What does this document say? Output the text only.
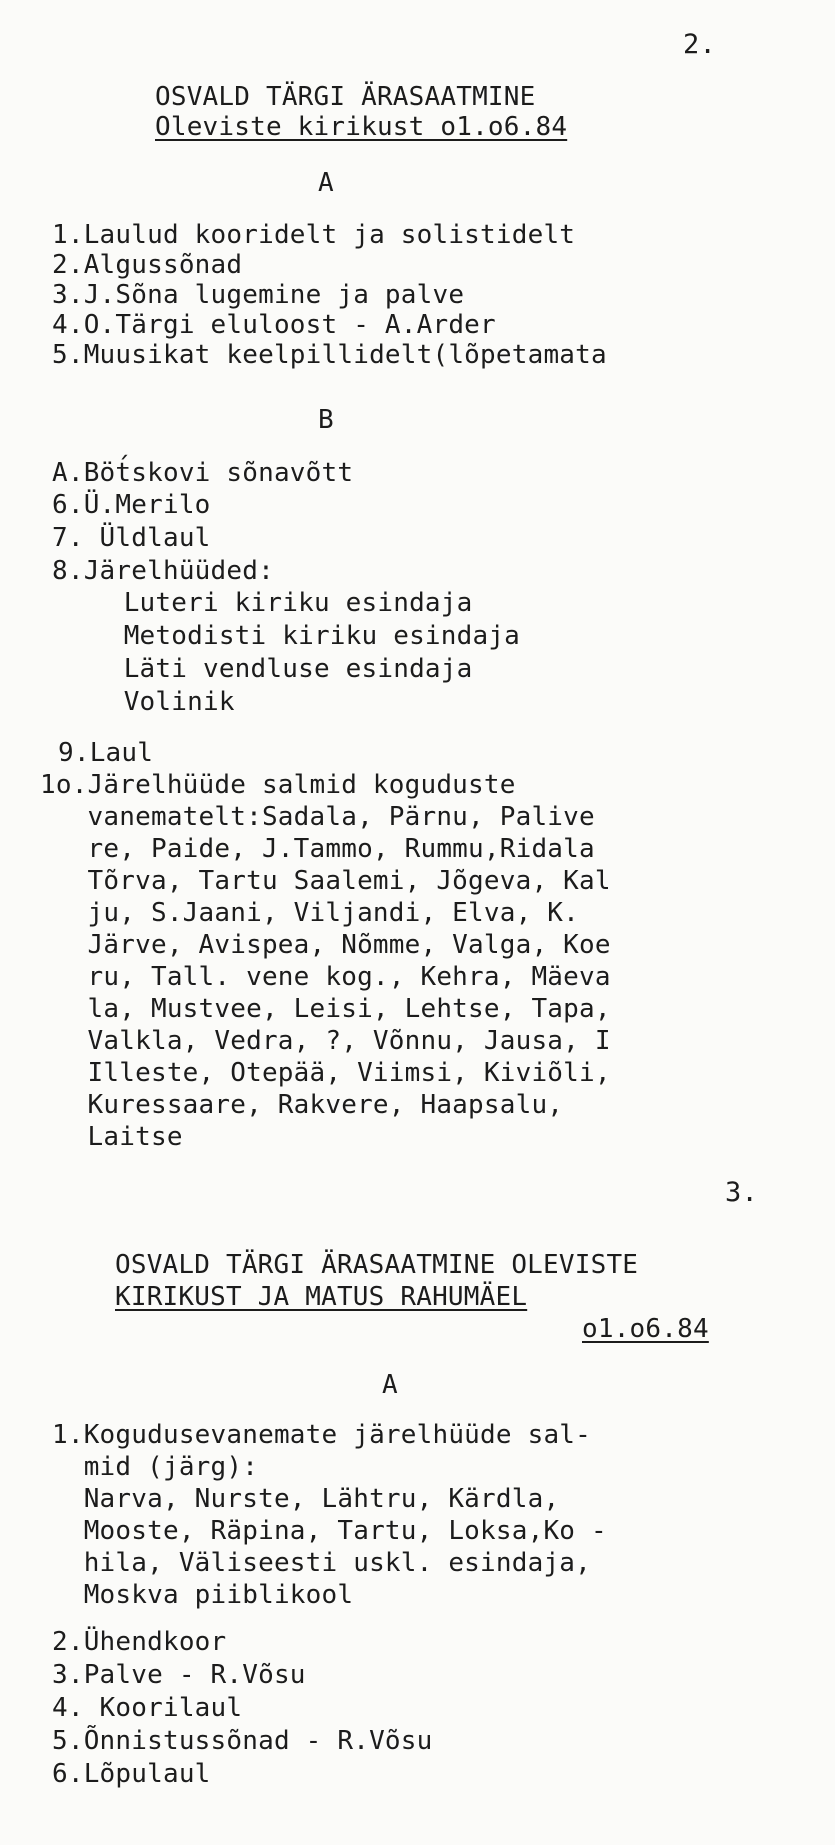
2.
OSVALD TÄRGI ÄRASAATMINE
Oleviste kirikust o1.o6.84
A
1.Laulud kooridelt ja solistidelt
2.Algussõnad
3.J.Sõna lugemine ja palve
4.O.Tärgi eluloost - A.Arder
5.Muusikat keelpillidelt(lõpetamata
B
A.Böt́skovi sõnavõtt
6.Ü.Merilo
7. Üldlaul
8.Järelhüüded:
Luteri kiriku esindaja
Metodisti kiriku esindaja
Läti vendluse esindaja
Volinik
9.Laul
1o.Järelhüüde salmid koguduste
vanematelt:Sadala, Pärnu, Palive
re, Paide, J.Tammo, Rummu,Ridala
Tõrva, Tartu Saalemi, Jõgeva, Kal
ju, S.Jaani, Viljandi, Elva, K.
Järve, Avispea, Nõmme, Valga, Koe
ru, Tall. vene kog., Kehra, Mäeva
la, Mustvee, Leisi, Lehtse, Tapa,
Valkla, Vedra, ?, Võnnu, Jausa, I
Illeste, Otepää, Viimsi, Kiviõli,
Kuressaare, Rakvere, Haapsalu,
Laitse
3.
OSVALD TÄRGI ÄRASAATMINE OLEVISTE
KIRIKUST JA MATUS RAHUMÄEL
o1.o6.84
A
1.Kogudusevanemate järelhüüde sal-
mid (järg):
Narva, Nurste, Lähtru, Kärdla,
Mooste, Räpina, Tartu, Loksa,Ko -
hila, Väliseesti uskl. esindaja,
Moskva piiblikool
2.Ühendkoor
3.Palve - R.Võsu
4. Koorilaul
5.Õnnistussõnad - R.Võsu
6.Lõpulaul
